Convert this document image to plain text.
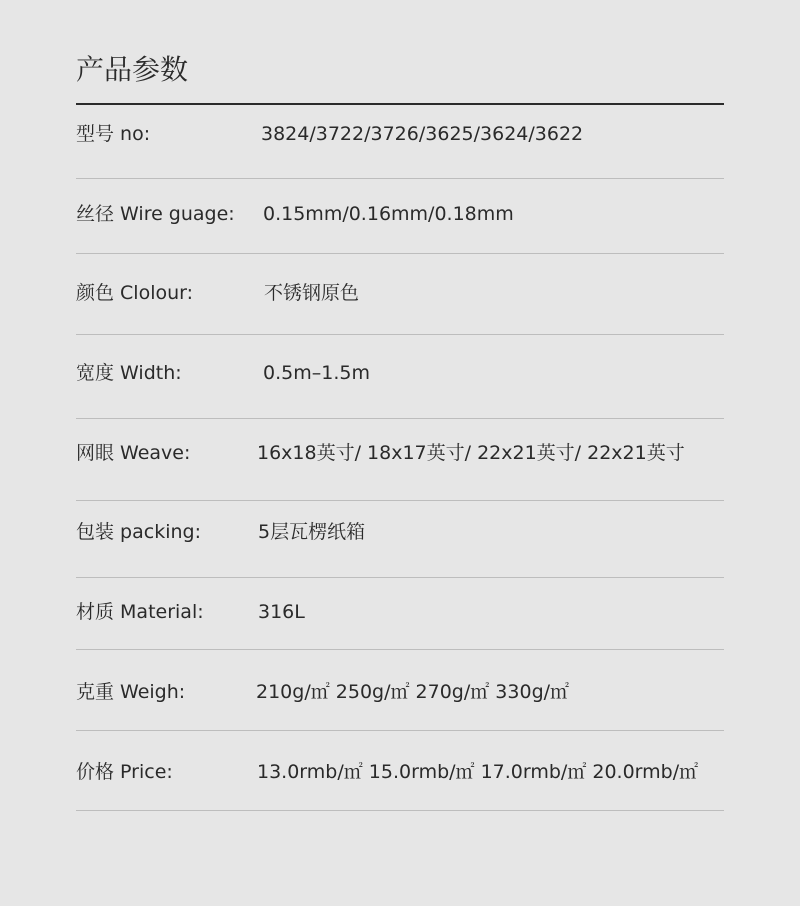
产品参数
型号 no:	3824/3722/3726/3625/3624/3622
丝径 Wire guage: 0.15mm/0.16mm/0.18mm
颜色 Clolour:	不锈钢原色
宽度 Width:	0.5m–1.5m
网眼 Weave:	16x18英寸/ 18x17英寸/ 22x21英寸/ 22x21英寸
包装 packing:	5层瓦楞纸箱
材质 Material:	316L
克重 Weigh:	210g/㎡ 250g/㎡ 270g/㎡ 330g/㎡
价格 Price:	13.0rmb/㎡ 15.0rmb/㎡ 17.0rmb/㎡ 20.0rmb/㎡
